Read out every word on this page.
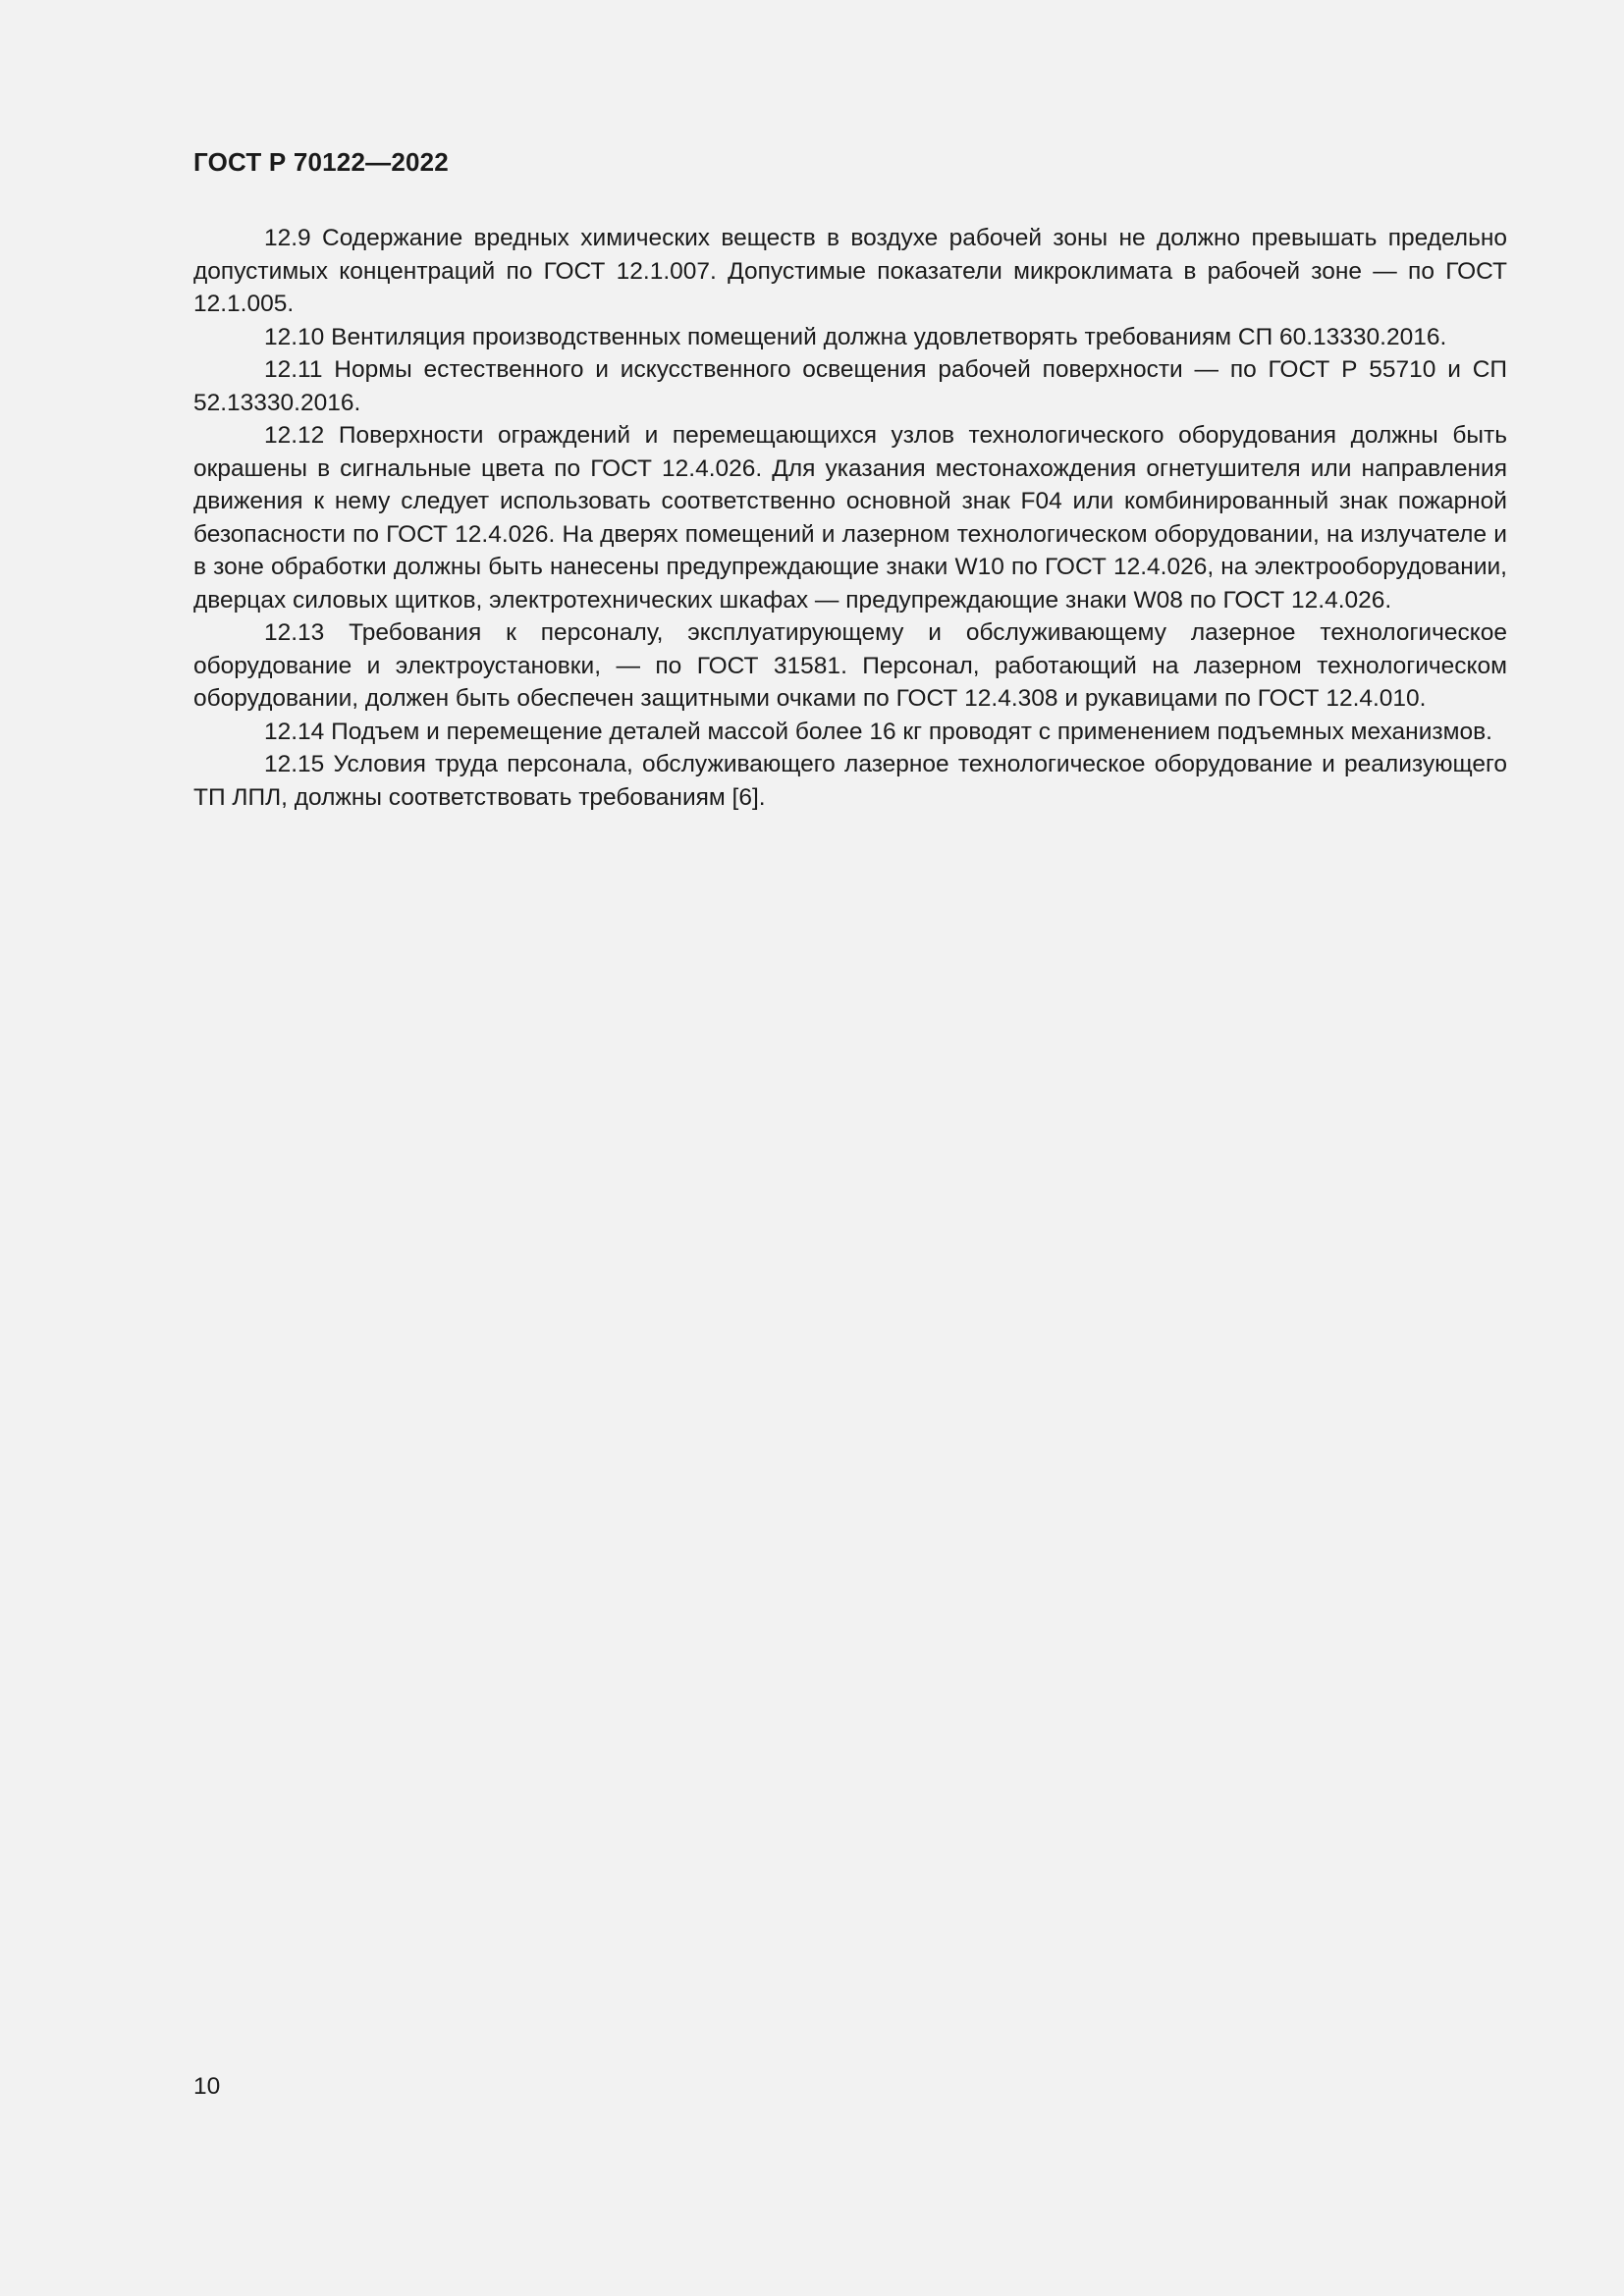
ГОСТ Р 70122—2022

12.9 Содержание вредных химических веществ в воздухе рабочей зоны не должно превышать предельно допустимых концентраций по ГОСТ 12.1.007. Допустимые показатели микроклимата в рабочей зоне — по ГОСТ 12.1.005.

12.10 Вентиляция производственных помещений должна удовлетворять требованиям СП 60.13330.2016.

12.11 Нормы естественного и искусственного освещения рабочей поверхности — по ГОСТ Р 55710 и СП 52.13330.2016.

12.12 Поверхности ограждений и перемещающихся узлов технологического оборудования должны быть окрашены в сигнальные цвета по ГОСТ 12.4.026. Для указания местонахождения огнетушителя или направления движения к нему следует использовать соответственно основной знак F04 или комбинированный знак пожарной безопасности по ГОСТ 12.4.026. На дверях помещений и лазерном технологическом оборудовании, на излучателе и в зоне обработки должны быть нанесены предупреждающие знаки W10 по ГОСТ 12.4.026, на электрооборудовании, дверцах силовых щитков, электротехнических шкафах — предупреждающие знаки W08 по ГОСТ 12.4.026.

12.13 Требования к персоналу, эксплуатирующему и обслуживающему лазерное технологическое оборудование и электроустановки, — по ГОСТ 31581. Персонал, работающий на лазерном технологическом оборудовании, должен быть обеспечен защитными очками по ГОСТ 12.4.308 и рукавицами по ГОСТ 12.4.010.

12.14 Подъем и перемещение деталей массой более 16 кг проводят с применением подъемных механизмов.

12.15 Условия труда персонала, обслуживающего лазерное технологическое оборудование и реализующего ТП ЛПЛ, должны соответствовать требованиям [6].

10
